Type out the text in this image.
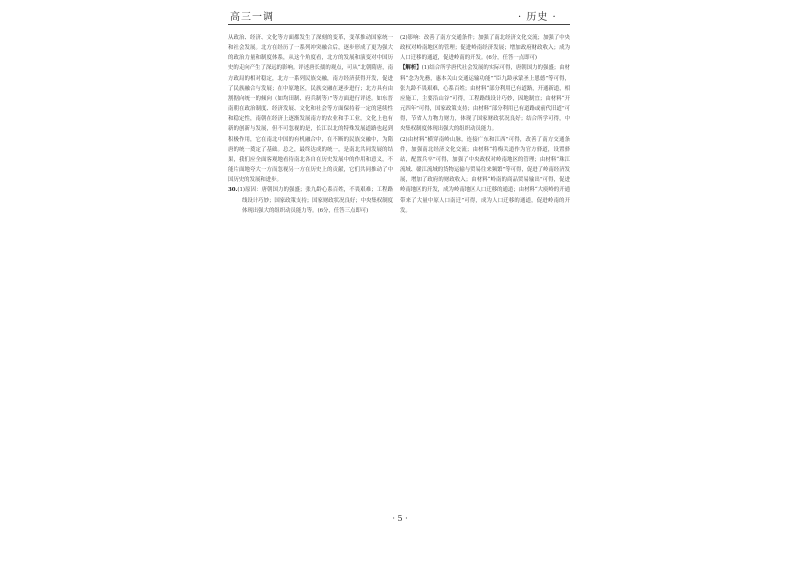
高三一调	· 历史 ·

从政治、经济、文化等方面都发生了深刻的变革，变革推动国家统一和社会发展。北方在经历了一系列冲突融合后，逐步形成了更为强大的政治力量和制度体系，从这个角度看，北方的发展和演变对中国历史的走向产生了深远的影响。评述唐长孺的观点，可从“北朝隋唐，南方政局的相对稳定，北方一系列民族交融，南方经济获得开发，促进了民族融合与发展；在中原地区，民族交融在逐步进行；北方具有由割据向统一的倾向（如均田制、府兵制等）”等方面进行评述。如东晋南朝在政治制度、经济发展、文化和社会等方面保持着一定的延续性和稳定性，南朝在经济上逐渐发展南方的农业和手工业，文化上也有新的创新与发展，但不可忽视的是，长江以北的特殊发展道路也起到积极作用，它在南北中国的有机融合中，在不断的民族交融中，为隋唐的统一奠定了基础。总之，最终达成的统一，是南北共同发展的结果，我们应全面客观地看待南北各自在历史发展中的作用和意义，不能片面地夸大一方而忽视另一方在历史上的贡献，它们共同推动了中国历史的发展和进步。

30.(1)原因：唐朝国力的强盛；张九龄心系百姓，不畏艰难；工程路线设计巧妙；国家政策支持；国家财政状况良好；中央集权制度体现出强大的组织动员能力等。(6分，任答三点即可)

(2)影响：改善了南方交通条件；加强了南北经济文化交流；加强了中央政权对岭南地区的管理；促进岭南经济发展；增加政府财政收入；成为人口迁移的通道，促进岭南的开发。(6分，任答一点即可)

【解析】(1)结合所学唐代社会发展的实际可得，唐朝国力的强盛；由材料“念为先務，惠本关山交通运输功能”“臣九龄承蒙圣上恩德”等可得，张九龄不畏艰难，心系百姓；由材料“部分利用已有道路，开通新道，相应施工，主要沿山谷”可得，工程路线设计巧妙，因地制宜；由材料“开元四年”可得，国家政策支持；由材料“部分利用已有道路或前代旧道”可得，节省人力物力财力，体现了国家财政状况良好；结合所学可得，中央集权制度体现出强大的组织动员能力。

(2)由材料“横穿南岭山脉，连接广东和江西”可得，改善了南方交通条件，加强南北经济文化交流；由材料“将梅关道作为官方驿道，设置驿站，配置兵卒”可得，加强了中央政权对岭南地区的管理；由材料“珠江流域、赣江流域的货物运输与贸易往来频繁”等可得，促进了岭南经济发展，增加了政府的财政收入；由材料“岭南的商品贸易输出”可得，促进岭南地区的开发，成为岭南地区人口迁移的通道；由材料“大庾岭的开通带来了大量中原人口南迁”可得，成为人口迁移的通道，促进岭南的开发。

· 5 ·
